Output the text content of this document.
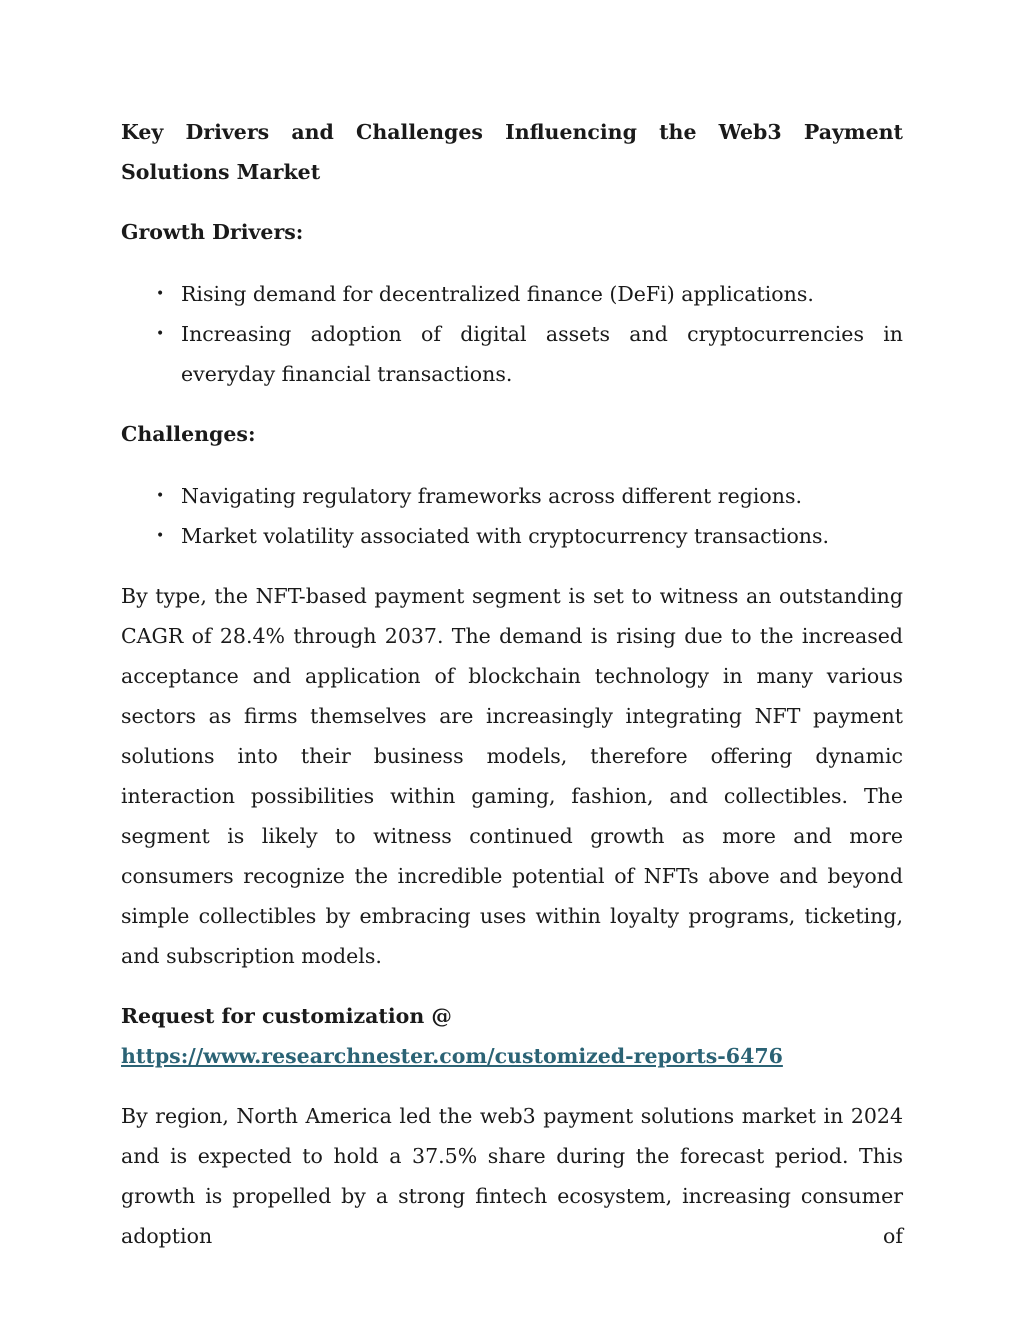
Key Drivers and Challenges Influencing the Web3 Payment
Solutions Market
Growth Drivers:
• Rising demand for decentralized finance (DeFi) applications.
• Increasing adoption of digital assets and cryptocurrencies in everyday financial transactions.
Challenges:
• Navigating regulatory frameworks across different regions.
• Market volatility associated with cryptocurrency transactions.

By type, the NFT-based payment segment is set to witness an outstanding CAGR of 28.4% through 2037. The demand is rising due to the increased acceptance and application of blockchain technology in many various sectors as firms themselves are increasingly integrating NFT payment solutions into their business models, therefore offering dynamic interaction possibilities within gaming, fashion, and collectibles. The segment is likely to witness continued growth as more and more consumers recognize the incredible potential of NFTs above and beyond simple collectibles by embracing uses within loyalty programs, ticketing, and subscription models.

Request for customization @
https://www.researchnester.com/customized-reports-6476

By region, North America led the web3 payment solutions market in 2024 and is expected to hold a 37.5% share during the forecast period. This growth is propelled by a strong fintech ecosystem, increasing consumer adoption of
